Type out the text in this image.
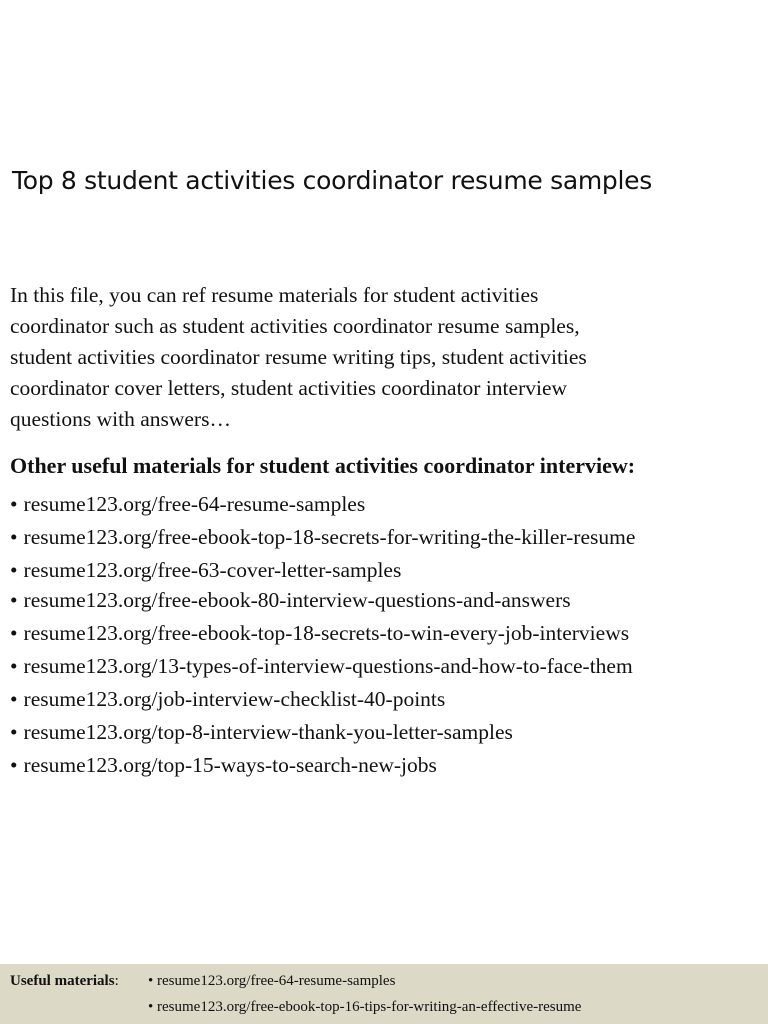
Top 8 student activities coordinator resume samples
In this file, you can ref resume materials for student activities
coordinator such as student activities coordinator resume samples,
student activities coordinator resume writing tips, student activities
coordinator cover letters, student activities coordinator interview
questions with answers…
Other useful materials for student activities coordinator interview:
• resume123.org/free-64-resume-samples
• resume123.org/free-ebook-top-18-secrets-for-writing-the-killer-resume
• resume123.org/free-63-cover-letter-samples
• resume123.org/free-ebook-80-interview-questions-and-answers
• resume123.org/free-ebook-top-18-secrets-to-win-every-job-interviews
• resume123.org/13-types-of-interview-questions-and-how-to-face-them
• resume123.org/job-interview-checklist-40-points
• resume123.org/top-8-interview-thank-you-letter-samples
• resume123.org/top-15-ways-to-search-new-jobs
Useful materials: • resume123.org/free-64-resume-samples
• resume123.org/free-ebook-top-16-tips-for-writing-an-effective-resume
